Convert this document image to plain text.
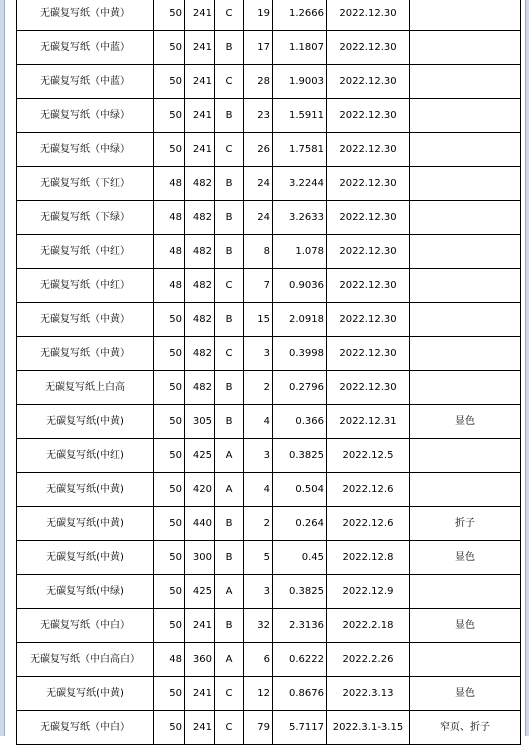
无碳复写纸（中黄）	50	241	C	19	1.2666	2022.12.30	
无碳复写纸（中蓝）	50	241	B	17	1.1807	2022.12.30	
无碳复写纸（中蓝）	50	241	C	28	1.9003	2022.12.30	
无碳复写纸（中绿）	50	241	B	23	1.5911	2022.12.30	
无碳复写纸（中绿）	50	241	C	26	1.7581	2022.12.30	
无碳复写纸（下红）	48	482	B	24	3.2244	2022.12.30	
无碳复写纸（下绿）	48	482	B	24	3.2633	2022.12.30	
无碳复写纸（中红）	48	482	B	8	1.078	2022.12.30	
无碳复写纸（中红）	48	482	C	7	0.9036	2022.12.30	
无碳复写纸（中黄）	50	482	B	15	2.0918	2022.12.30	
无碳复写纸（中黄）	50	482	C	3	0.3998	2022.12.30	
无碳复写纸上白高	50	482	B	2	0.2796	2022.12.30	
无碳复写纸(中黄)	50	305	B	4	0.366	2022.12.31	显色
无碳复写纸(中红)	50	425	A	3	0.3825	2022.12.5	
无碳复写纸(中黄)	50	420	A	4	0.504	2022.12.6	
无碳复写纸(中黄)	50	440	B	2	0.264	2022.12.6	折子
无碳复写纸(中黄)	50	300	B	5	0.45	2022.12.8	显色
无碳复写纸(中绿)	50	425	A	3	0.3825	2022.12.9	
无碳复写纸（中白）	50	241	B	32	2.3136	2022.2.18	显色
无碳复写纸（中白高白）	48	360	A	6	0.6222	2022.2.26	
无碳复写纸(中黄)	50	241	C	12	0.8676	2022.3.13	显色
无碳复写纸（中白）	50	241	C	79	5.7117	2022.3.1-3.15	窄页、折子
